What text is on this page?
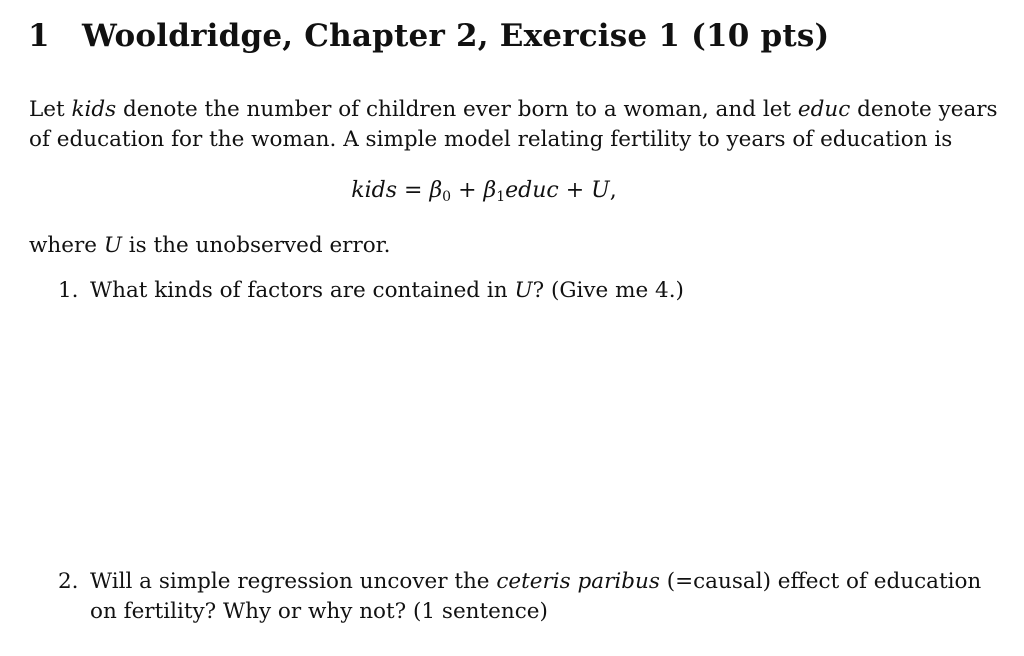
1 Wooldridge, Chapter 2, Exercise 1 (10 pts)
Let kids denote the number of children ever born to a woman, and let educ denote years
of education for the woman. A simple model relating fertility to years of education is
kids = $\beta_0$ + $\beta_1educ + U$,
where U is the unobserved error.
1. What kinds of factors are contained in U? (Give me 4.)
2. Will a simple regression uncover the ceteris paribus (=causal) effect of education
on fertility? Why or why not? (1 sentence)
